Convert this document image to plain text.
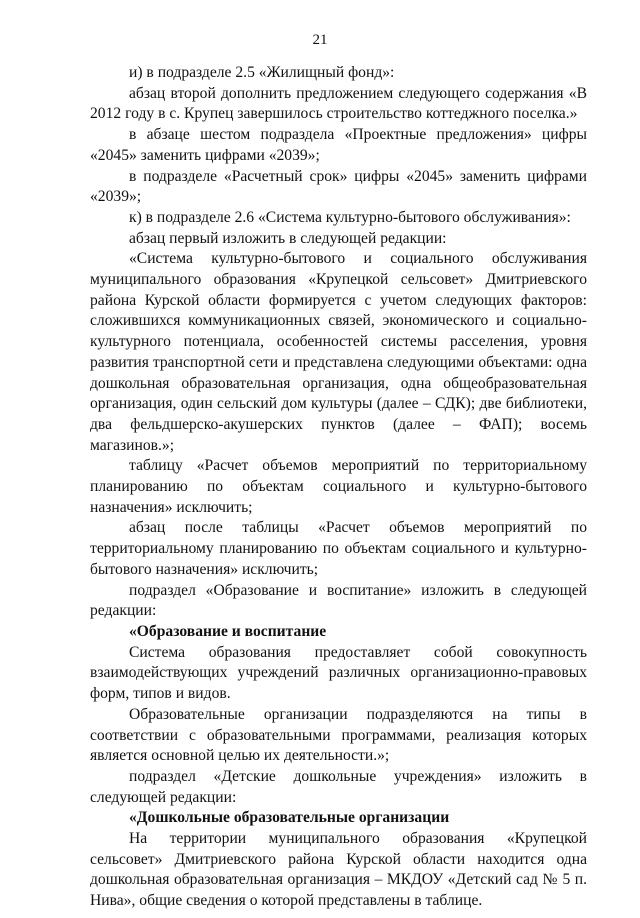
21

и) в подразделе 2.5 «Жилищный фонд»:

абзац второй дополнить предложением следующего содержания «В 2012 году в с. Крупец завершилось строительство коттеджного поселка.»

в абзаце шестом подраздела «Проектные предложения» цифры «2045» заменить цифрами «2039»;

в подразделе «Расчетный срок» цифры «2045» заменить цифрами «2039»;

к) в подразделе 2.6 «Система культурно-бытового обслуживания»:

абзац первый изложить в следующей редакции:

«Система культурно-бытового и социального обслуживания муниципального образования «Крупецкой сельсовет» Дмитриевского района Курской области формируется с учетом следующих факторов: сложившихся коммуникационных связей, экономического и социально-культурного потенциала, особенностей системы расселения, уровня развития транспортной сети и представлена следующими объектами: одна дошкольная образовательная организация, одна общеобразовательная организация, один сельский дом культуры (далее – СДК); две библиотеки, два фельдшерско-акушерских пунктов (далее – ФАП); восемь магазинов.»;

таблицу «Расчет объемов мероприятий по территориальному планированию по объектам социального и культурно-бытового назначения» исключить;

абзац после таблицы «Расчет объемов мероприятий по территориальному планированию по объектам социального и культурно-бытового назначения» исключить;

подраздел «Образование и воспитание» изложить в следующей редакции:

«Образование и воспитание

Система образования предоставляет собой совокупность взаимодействующих учреждений различных организационно-правовых форм, типов и видов.

Образовательные организации подразделяются на типы в соответствии с образовательными программами, реализация которых является основной целью их деятельности.»;

подраздел «Детские дошкольные учреждения» изложить в следующей редакции:

«Дошкольные образовательные организации

На территории муниципального образования «Крупецкой сельсовет» Дмитриевского района Курской области находится одна дошкольная образовательная организация – МКДОУ «Детский сад № 5 п. Нива», общие сведения о которой представлены в таблице.
